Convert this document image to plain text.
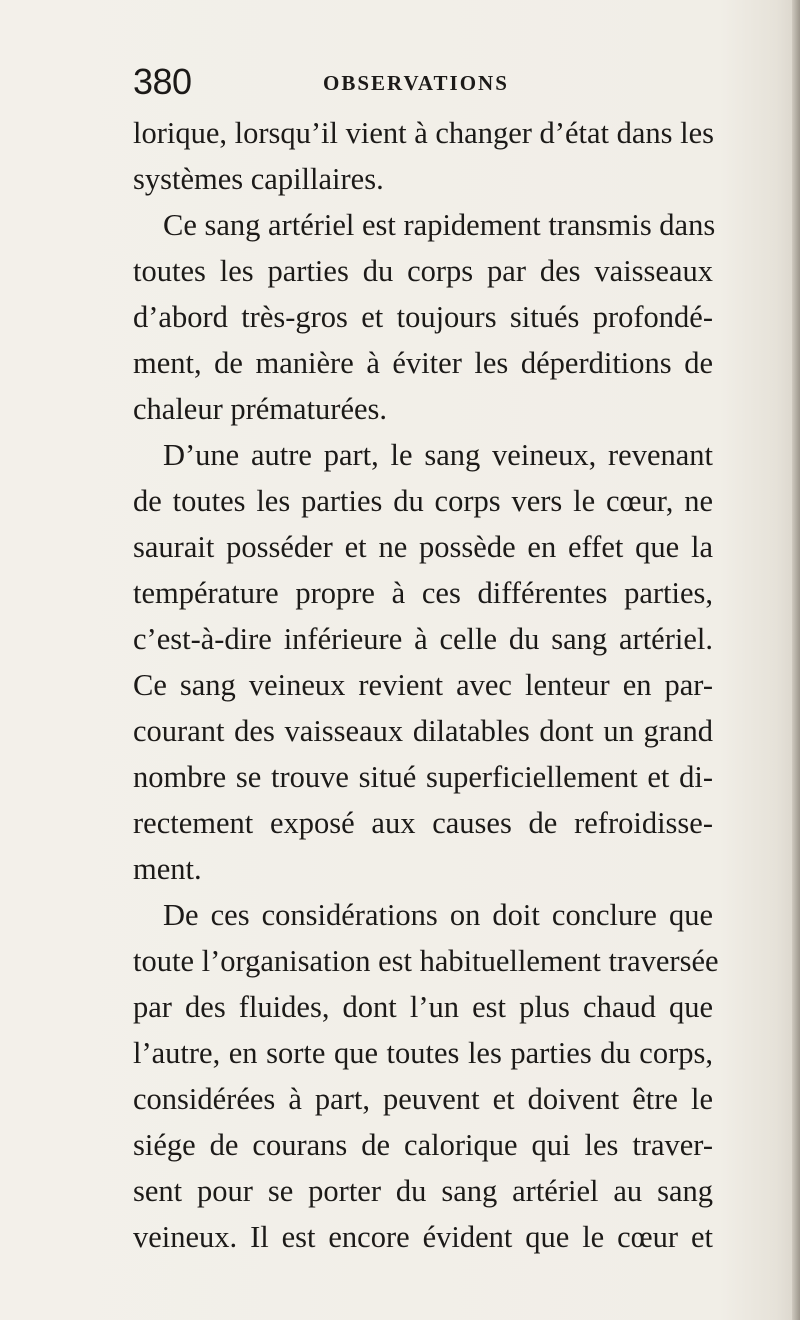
380	OBSERVATIONS
lorique, lorsqu’il vient à changer d’état dans les
systèmes capillaires.
Ce sang artériel est rapidement transmis dans
toutes les parties du corps par des vaisseaux
d’abord très-gros et toujours situés profondé-
ment, de manière à éviter les déperditions de
chaleur prématurées.
D’une autre part, le sang veineux, revenant
de toutes les parties du corps vers le cœur, ne
saurait posséder et ne possède en effet que la
température propre à ces différentes parties,
c’est-à-dire inférieure à celle du sang artériel.
Ce sang veineux revient avec lenteur en par-
courant des vaisseaux dilatables dont un grand
nombre se trouve situé superficiellement et di-
rectement exposé aux causes de refroidisse-
ment.
De ces considérations on doit conclure que
toute l’organisation est habituellement traversée
par des fluides, dont l’un est plus chaud que
l’autre, en sorte que toutes les parties du corps,
considérées à part, peuvent et doivent être le
siége de courans de calorique qui les traver-
sent pour se porter du sang artériel au sang
veineux. Il est encore évident que le cœur et
